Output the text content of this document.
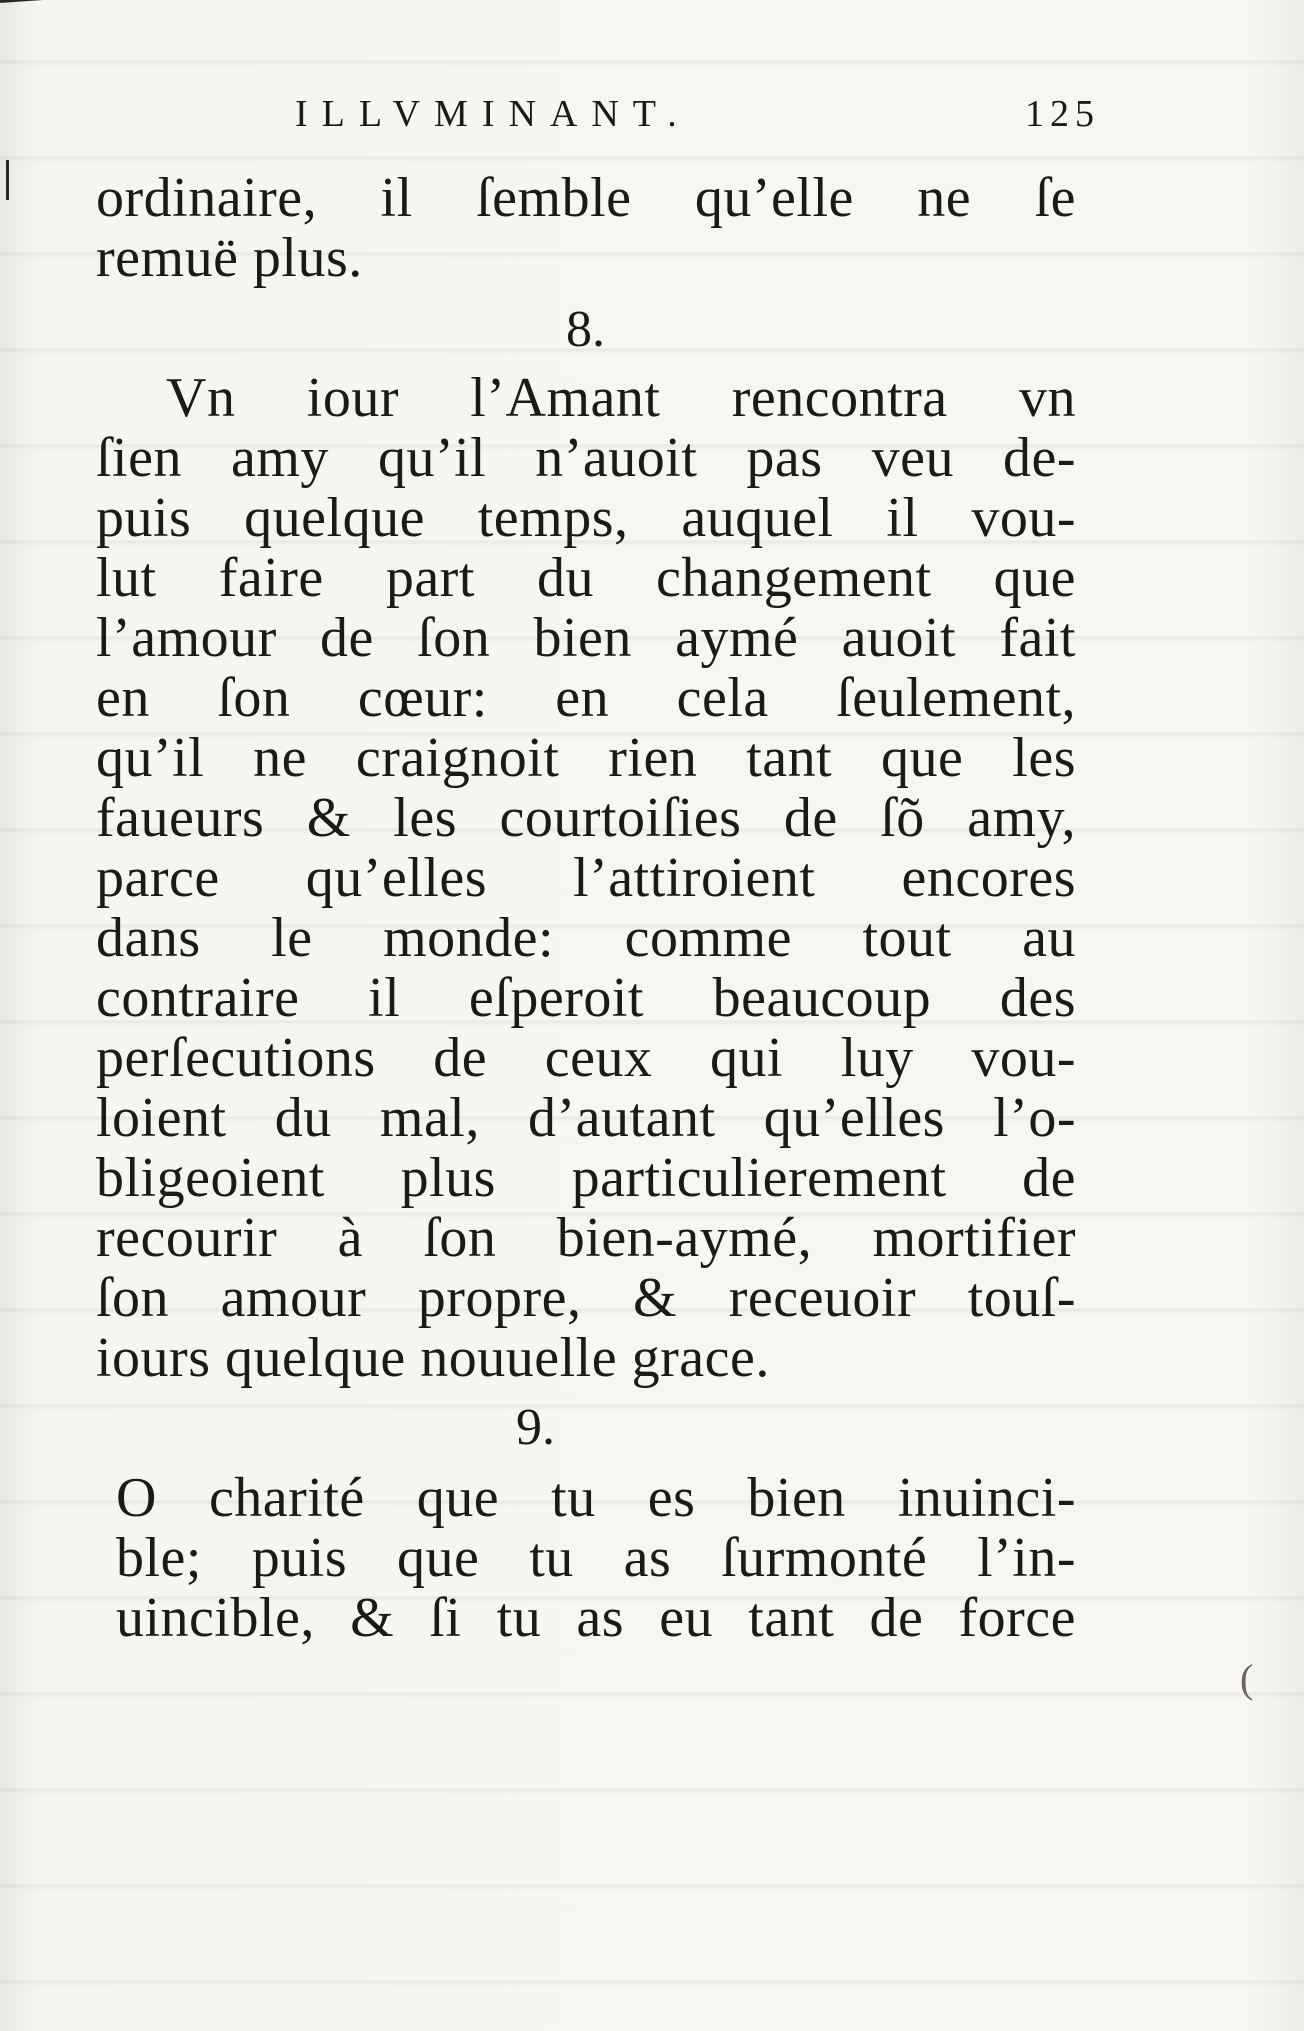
ILLVMINANT.	125
ordinaire, il ſemble qu’elle ne ſe
remuë plus.
8.
Vn iour l’Amant rencontra vn
ſien amy qu’il n’auoit pas veu de-
puis quelque temps, auquel il vou-
lut faire part du changement que
l’amour de ſon bien aymé auoit fait
en ſon cœur: en cela ſeulement,
qu’il ne craignoit rien tant que les
faueurs & les courtoiſies de ſõ amy,
parce qu’elles l’attiroient encores
dans le monde: comme tout au
contraire il eſperoit beaucoup des
perſecutions de ceux qui luy vou-
loient du mal, d’autant qu’elles l’o-
bligeoient plus particulierement de
recourir à ſon bien-aymé, mortifier
ſon amour propre, & receuoir touſ-
iours quelque nouuelle grace.
9.
O charité que tu es bien inuinci-
ble; puis que tu as ſurmonté l’in-
uincible, & ſi tu as eu tant de force
(
